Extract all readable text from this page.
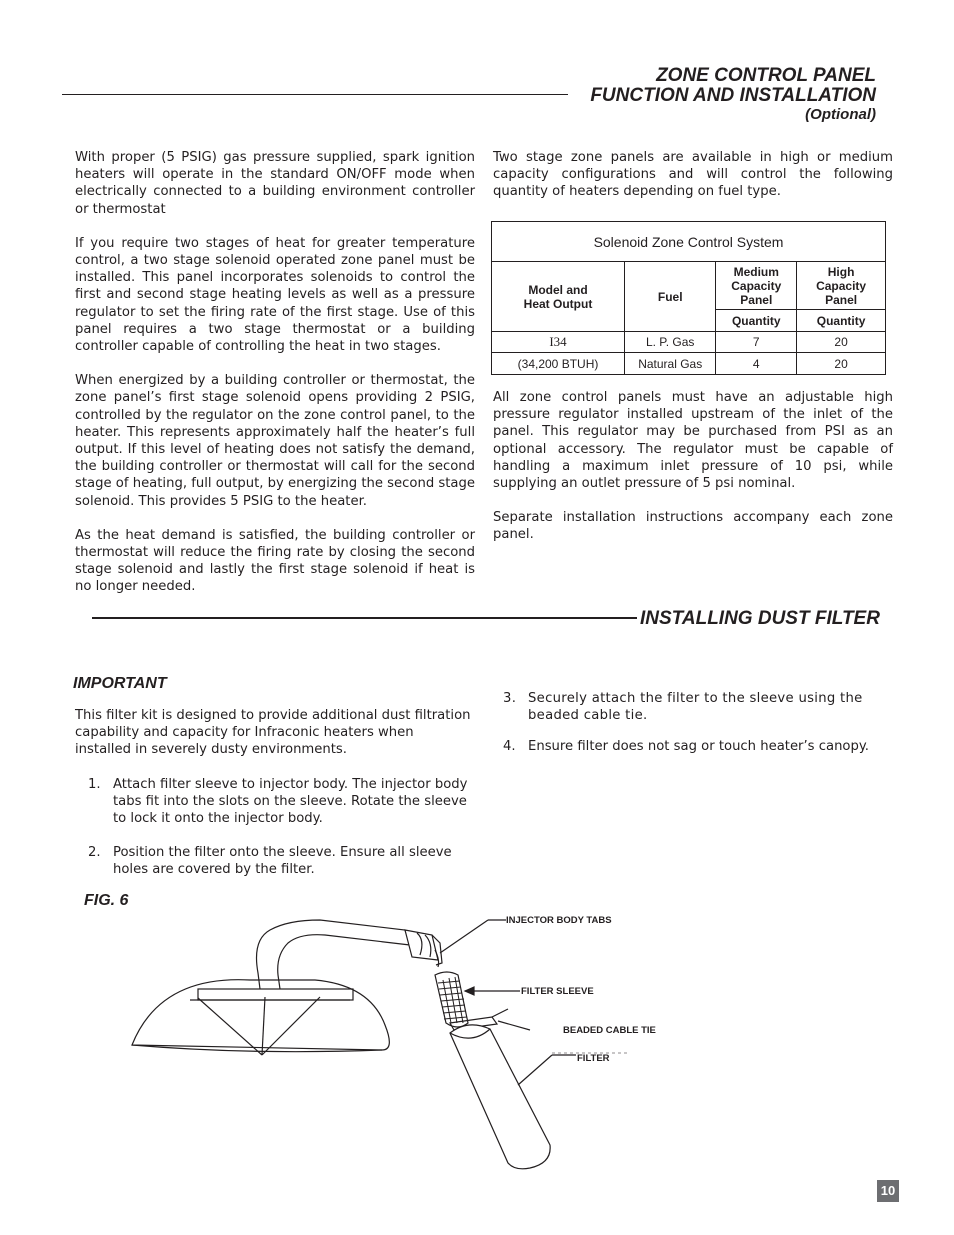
ZONE CONTROL PANEL
FUNCTION AND INSTALLATION
(Optional)

With proper (5 PSIG) gas pressure supplied, spark ignition heaters will operate in the standard ON/OFF mode when electrically connected to a building environment controller or thermostat

If you require two stages of heat for greater temperature control, a two stage solenoid operated zone panel must be installed. This panel incorporates solenoids to control the first and second stage heating levels as well as a pressure regulator to set the firing rate of the first stage. Use of this panel requires a two stage thermostat or a building controller capable of controlling the heat in two stages.

When energized by a building controller or thermostat, the zone panel’s first stage solenoid opens providing 2 PSIG, controlled by the regulator on the zone control panel, to the heater. This represents approximately half the heater’s full output. If this level of heating does not satisfy the demand, the building controller or thermostat will call for the second stage of heating, full output, by energizing the second stage solenoid. This provides 5 PSIG to the heater.

As the heat demand is satisfied, the building controller or thermostat will reduce the firing rate by closing the second stage solenoid and lastly the first stage solenoid if heat is no longer needed.

Two stage zone panels are available in high or medium capacity configurations and will control the following quantity of heaters depending on fuel type.

Solenoid Zone Control System			
Model and Heat Output	Fuel	Medium Capacity Panel	High Capacity Panel
		Quantity	Quantity
I34	L. P. Gas	7	20
(34,200 BTUH)	Natural Gas	4	20

All zone control panels must have an adjustable high pressure regulator installed upstream of the inlet of the panel. This regulator may be purchased from PSI as an optional accessory. The regulator must be capable of handling a maximum inlet pressure of 10 psi, while supplying an outlet pressure of 5 psi nominal.

Separate installation instructions accompany each zone panel.

INSTALLING DUST FILTER
IMPORTANT

This filter kit is designed to provide additional dust filtration capability and capacity for Infraconic heaters when installed in severely dusty environments.

1. Attach filter sleeve to injector body. The injector body tabs fit into the slots on the sleeve. Rotate the sleeve to lock it onto the injector body.
2. Position the filter onto the sleeve. Ensure all sleeve holes are covered by the filter.
3. Securely attach the filter to the sleeve using the beaded cable tie.
4. Ensure filter does not sag or touch heater’s canopy.
FIG. 6
INJECTOR BODY TABS
FILTER SLEEVE
BEADED CABLE TIE
FILTER
10
